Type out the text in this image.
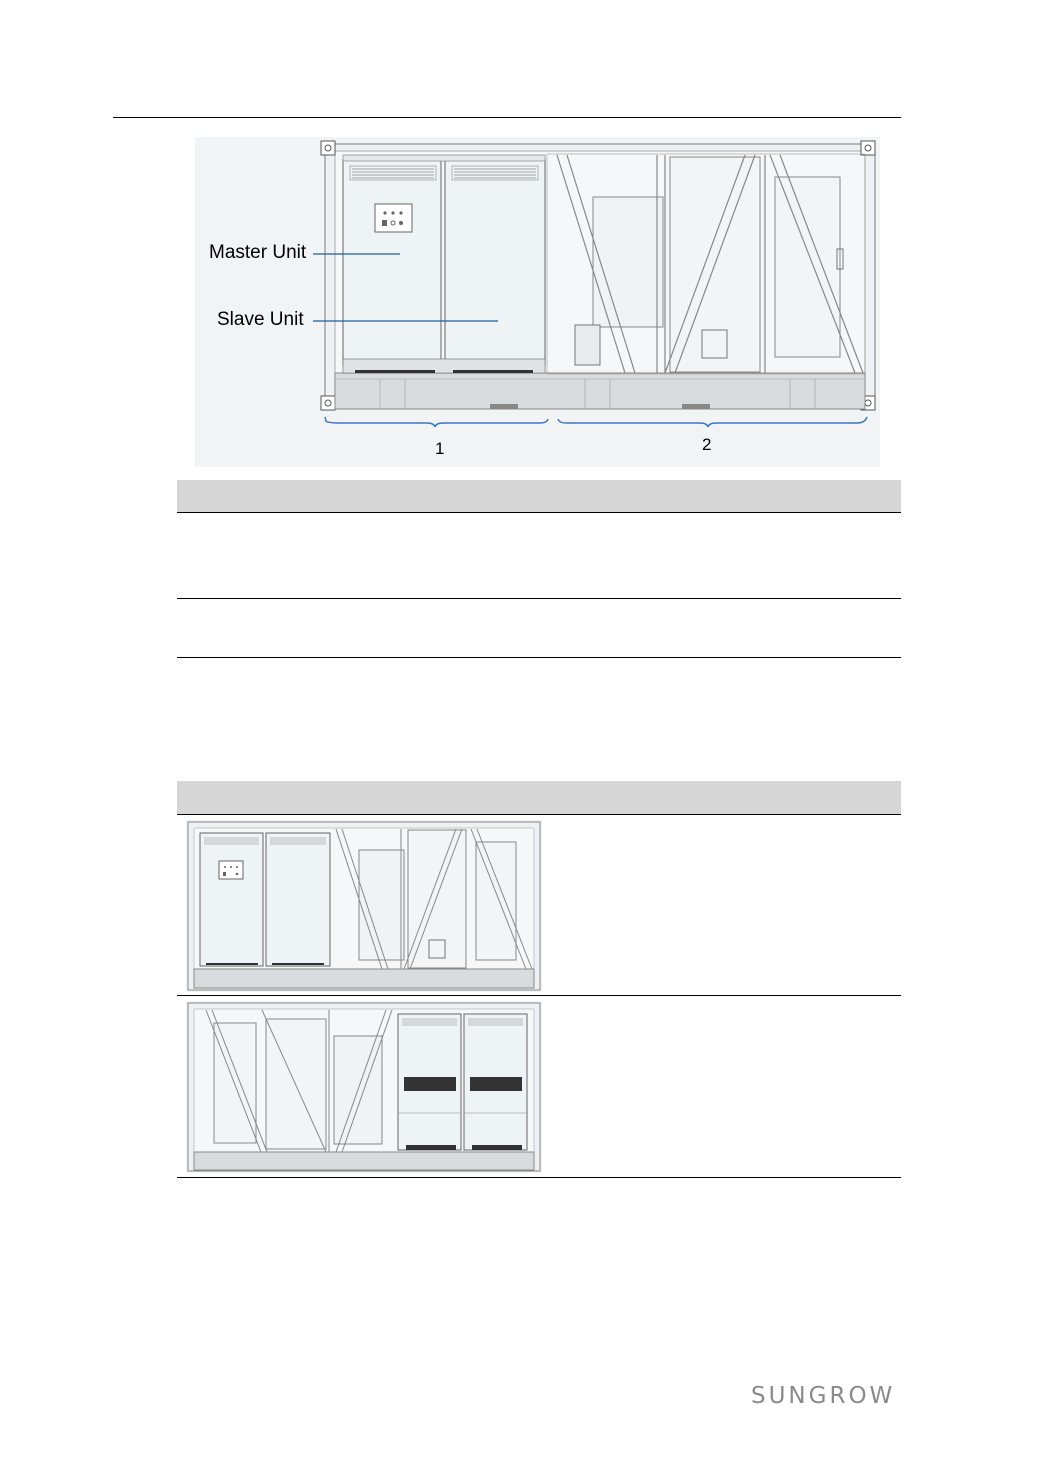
Master Unit
Slave Unit
1	2
SUNGROW
